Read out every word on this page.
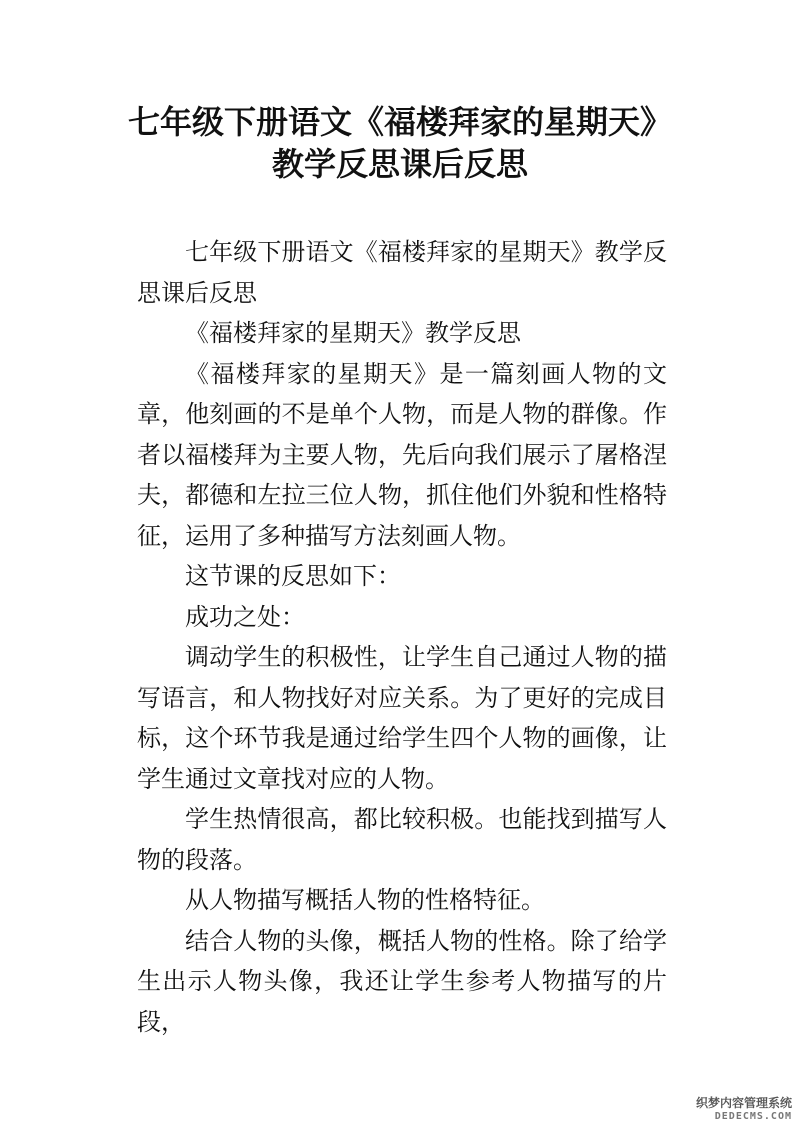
七年级下册语文《福楼拜家的星期天》
教学反思课后反思

七年级下册语文《福楼拜家的星期天》教学反思课后反思

《福楼拜家的星期天》教学反思

《福楼拜家的星期天》是一篇刻画人物的文章，他刻画的不是单个人物，而是人物的群像。作者以福楼拜为主要人物，先后向我们展示了屠格涅夫，都德和左拉三位人物，抓住他们外貌和性格特征，运用了多种描写方法刻画人物。

这节课的反思如下：

成功之处：

调动学生的积极性，让学生自己通过人物的描写语言，和人物找好对应关系。为了更好的完成目标，这个环节我是通过给学生四个人物的画像，让学生通过文章找对应的人物。

学生热情很高，都比较积极。也能找到描写人物的段落。

从人物描写概括人物的性格特征。

结合人物的头像，概括人物的性格。除了给学生出示人物头像，我还让学生参考人物描写的片段，

织梦内容管理系统
DEDECMS.COM
